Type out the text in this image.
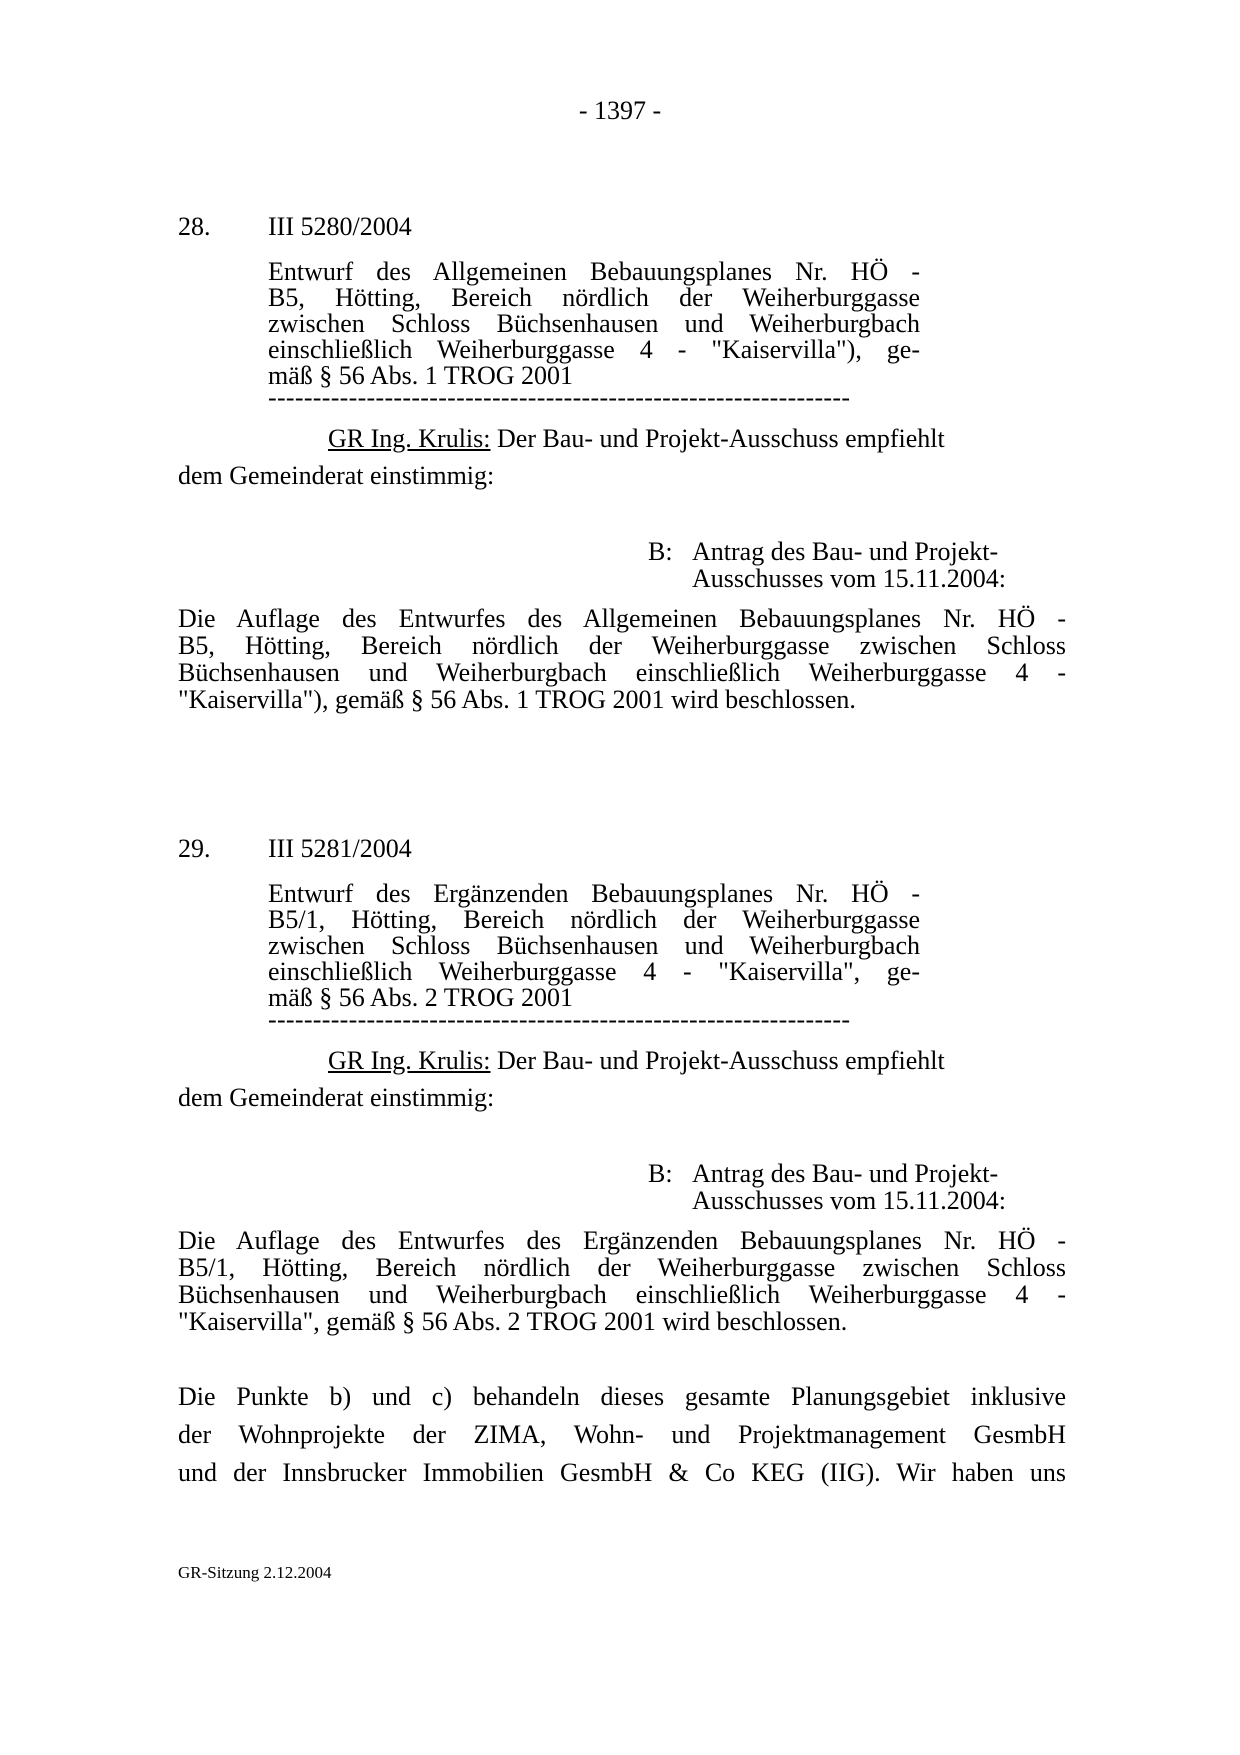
- 1397 -
28. III 5280/2004
Entwurf des Allgemeinen Bebauungsplanes Nr. HÖ -
B5, Hötting, Bereich nördlich der Weiherburggasse
zwischen Schloss Büchsenhausen und Weiherburgbach
einschließlich Weiherburggasse 4 - "Kaiservilla"), ge-
mäß § 56 Abs. 1 TROG 2001
-----------------------------------------------------------------
GR Ing. Krulis: Der Bau- und Projekt-Ausschuss empfiehlt
dem Gemeinderat einstimmig:
B: Antrag des Bau- und Projekt-
Ausschusses vom 15.11.2004:
Die Auflage des Entwurfes des Allgemeinen Bebauungsplanes Nr. HÖ -
B5, Hötting, Bereich nördlich der Weiherburggasse zwischen Schloss
Büchsenhausen und Weiherburgbach einschließlich Weiherburggasse 4 -
"Kaiservilla"), gemäß § 56 Abs. 1 TROG 2001 wird beschlossen.
29. III 5281/2004
Entwurf des Ergänzenden Bebauungsplanes Nr. HÖ -
B5/1, Hötting, Bereich nördlich der Weiherburggasse
zwischen Schloss Büchsenhausen und Weiherburgbach
einschließlich Weiherburggasse 4 - "Kaiservilla", ge-
mäß § 56 Abs. 2 TROG 2001
-----------------------------------------------------------------
GR Ing. Krulis: Der Bau- und Projekt-Ausschuss empfiehlt
dem Gemeinderat einstimmig:
B: Antrag des Bau- und Projekt-
Ausschusses vom 15.11.2004:
Die Auflage des Entwurfes des Ergänzenden Bebauungsplanes Nr. HÖ -
B5/1, Hötting, Bereich nördlich der Weiherburggasse zwischen Schloss
Büchsenhausen und Weiherburgbach einschließlich Weiherburggasse 4 -
"Kaiservilla", gemäß § 56 Abs. 2 TROG 2001 wird beschlossen.
Die Punkte b) und c) behandeln dieses gesamte Planungsgebiet inklusive
der Wohnprojekte der ZIMA, Wohn- und Projektmanagement GesmbH
und der Innsbrucker Immobilien GesmbH & Co KEG (IIG). Wir haben uns
GR-Sitzung 2.12.2004
